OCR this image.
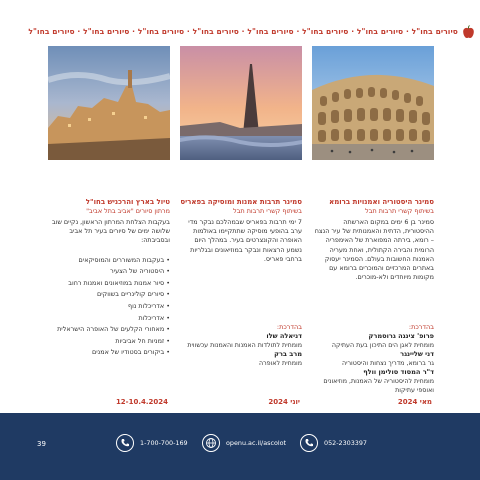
סיורים בחו"ל · סיורים בחו"ל · סיורים בחו"ל · סיורים בחו"ל · סיורים בחו"ל · סיורים בחו"ל · סיורים בחו"ל · סיורים בחו"ל
סמינר היסטוריה ואמנויות ברומא
בשיתוף קשרי תרבות תבל
סמינר בן 6 ימים במקום הארשתה ההיסטורית, הדתית והאמנותית של עיר הנצח – רומא, בירתה המפוארת של האימפריה הרומית והבירה הקתולית, ואחת מעריה האמנות החשובות בעולם. הסמינר יעסוק באתרים המרכזיים והמוכרים ברומא עם מקומות מיוחדים ולא-מוכרים.
בהדרכת:
פרופ' צינגה גרוסמרק
מומחית לאגן הים התיכון בעת העתיקה
דני שליינגר
גר ברומא, מדריך נצחות והיסטוריה
ד"ר המסוד סולימן וולף
מומחית להיסטוריה של האמנות, מוזיאונים ואוספי עתיקות
מאי 2024
סמינר תרבות אמנות ומוסיקה בפאריס
בשיתוף קשרי תרבות תבל
7 ימי תרבות בפאריס שבמהלכם נבקר מדי ערב בהופעי מוסיקה שתתקיימו באולמות האופרה והקונצרטים בעיר. במהלך היום נשמע הרצאות ונבקר במוזיאונים ובגלריות ברחבי פאריס.
בהדרכת:
דניאלה שלו
מומחית לתולדות האמנות והאמנות עכשווית
מרב ברק
מומחית לאופרה
יוני 2024
טיול בארץ והרכניש בחו"ל
מרתון סיורים "אביב בתל אביב"
בעקבות הצלחת המרתון הראשון, נקיים שוב שלושה ימים של סיורים בעיר תל אביב ובסביבתה:
• בעקבות המשוררים והמוסיקאים
• היסטוריה של הצעיר
• סיור אמנות במוזיאונים ואמנות רחוב
• סיורים קולינריים בשווקים
• אדריכלות נוף
• אדריכלות
• מאחורי הקלעים של האופרה הישראלית
• זמניות חל אביביות
• ביקורים בסטודיו של אמנים
12-10.4.2024
39	1-700-700-169	openu.ac.il/ascolot	052-2303397
